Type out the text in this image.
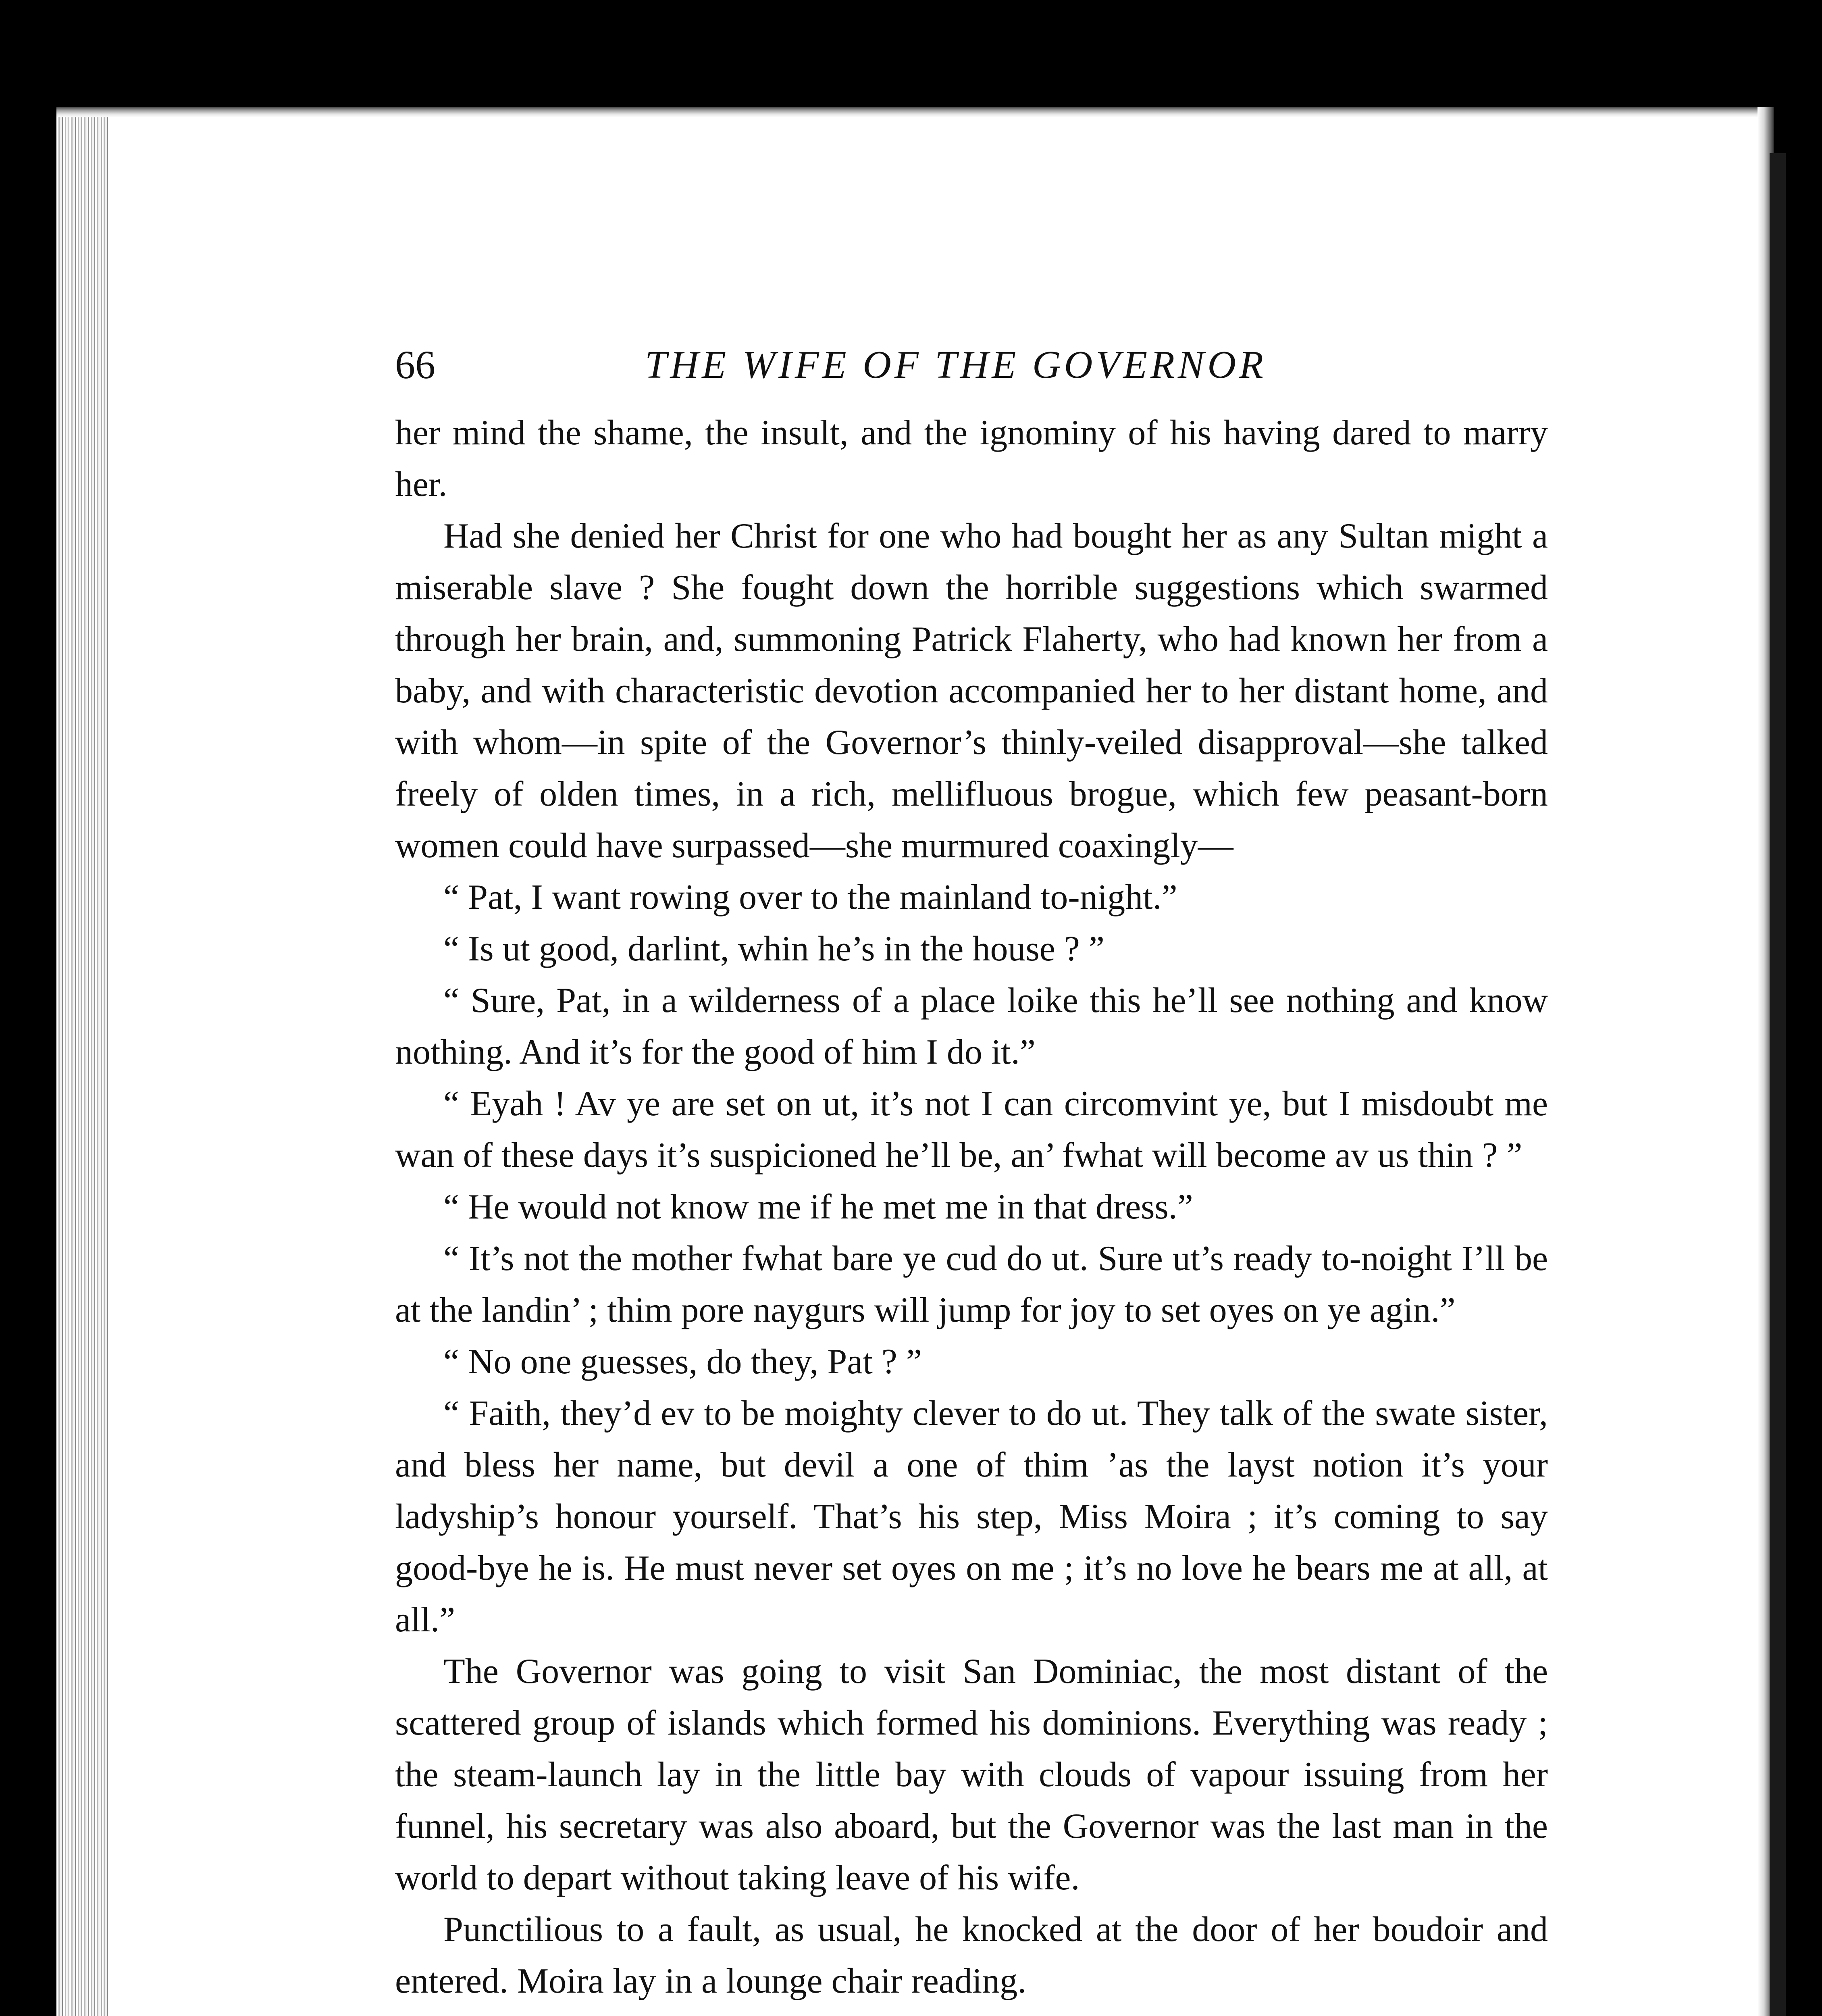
66	THE WIFE OF THE GOVERNOR

her mind the shame, the insult, and the ignominy of his having dared to marry her.

Had she denied her Christ for one who had bought her as any Sultan might a miserable slave ? She fought down the horrible suggestions which swarmed through her brain, and, summoning Patrick Flaherty, who had known her from a baby, and with characteristic devotion accompanied her to her distant home, and with whom—in spite of the Governor’s thinly-veiled disapproval—she talked freely of olden times, in a rich, mellifluous brogue, which few peasant-born women could have surpassed—she murmured coaxingly—

“ Pat, I want rowing over to the mainland to-night.”

“ Is ut good, darlint, whin he’s in the house ? ”

“ Sure, Pat, in a wilderness of a place loike this he’ll see nothing and know nothing. And it’s for the good of him I do it.”

“ Eyah ! Av ye are set on ut, it’s not I can circomvint ye, but I misdoubt me wan of these days it’s suspicioned he’ll be, an’ fwhat will become av us thin ? ”

“ He would not know me if he met me in that dress.”

“ It’s not the mother fwhat bare ye cud do ut. Sure ut’s ready to-noight I’ll be at the landin’ ; thim pore naygurs will jump for joy to set oyes on ye agin.”

“ No one guesses, do they, Pat ? ”

“ Faith, they’d ev to be moighty clever to do ut. They talk of the swate sister, and bless her name, but devil a one of thim ’as the layst notion it’s your ladyship’s honour yourself. That’s his step, Miss Moira ; it’s coming to say good-bye he is. He must never set oyes on me ; it’s no love he bears me at all, at all.”

The Governor was going to visit San Dominiac, the most distant of the scattered group of islands which formed his dominions. Everything was ready ; the steam-launch lay in the little bay with clouds of vapour issuing from her funnel, his secretary was also aboard, but the Governor was the last man in the world to depart without taking leave of his wife.

Punctilious to a fault, as usual, he knocked at the door of her boudoir and entered. Moira lay in a lounge chair reading.
